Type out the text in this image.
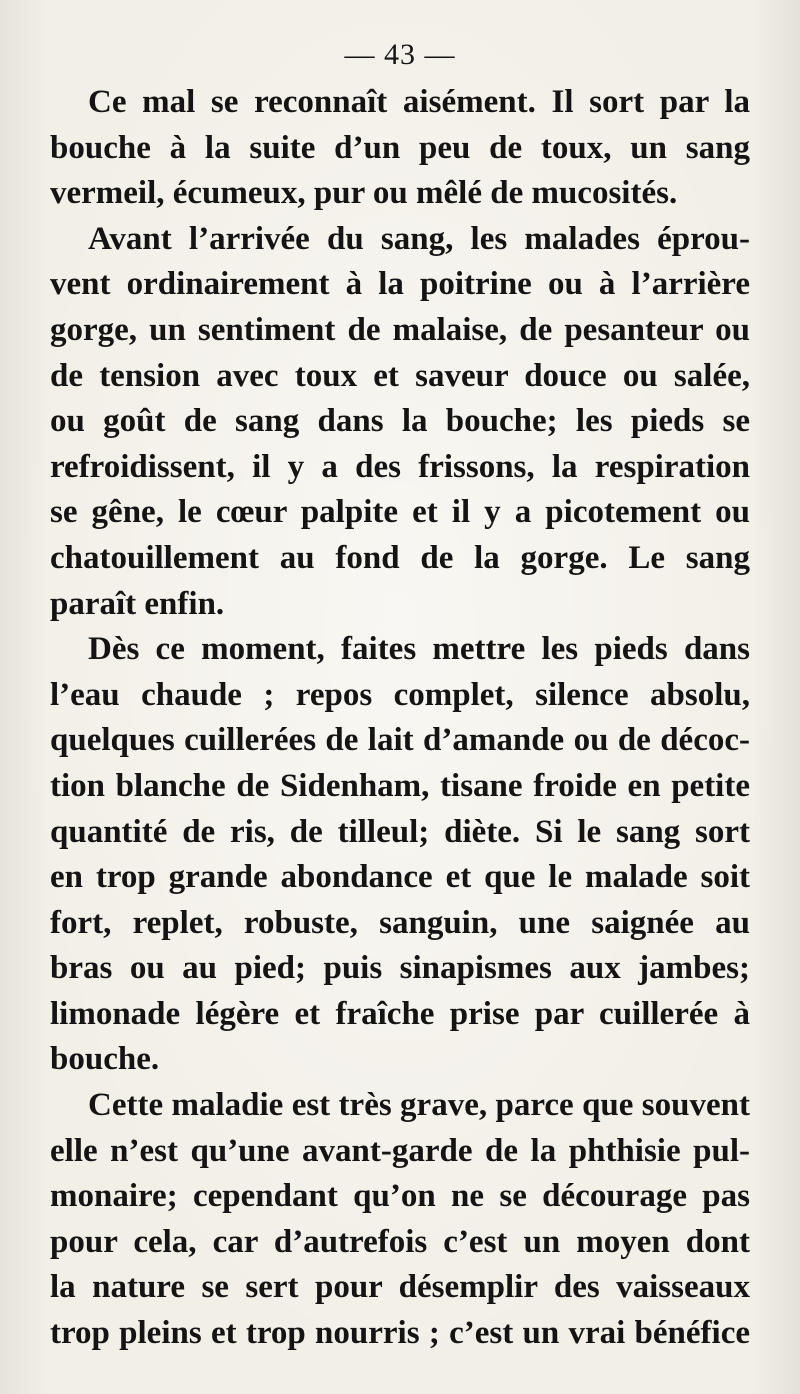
— 43 —
Ce mal se reconnaît aisément. Il sort par la
bouche à la suite d’un peu de toux, un sang
vermeil, écumeux, pur ou mêlé de mucosités.
Avant l’arrivée du sang, les malades éprou-
vent ordinairement à la poitrine ou à l’arrière
gorge, un sentiment de malaise, de pesanteur ou
de tension avec toux et saveur douce ou salée,
ou goût de sang dans la bouche; les pieds se
refroidissent, il y a des frissons, la respiration
se gêne, le cœur palpite et il y a picotement ou
chatouillement au fond de la gorge. Le sang
paraît enfin.
Dès ce moment, faites mettre les pieds dans
l’eau chaude ; repos complet, silence absolu,
quelques cuillerées de lait d’amande ou de décoc-
tion blanche de Sidenham, tisane froide en petite
quantité de ris, de tilleul; diète. Si le sang sort
en trop grande abondance et que le malade soit
fort, replet, robuste, sanguin, une saignée au
bras ou au pied; puis sinapismes aux jambes;
limonade légère et fraîche prise par cuillerée à
bouche.
Cette maladie est très grave, parce que souvent
elle n’est qu’une avant-garde de la phthisie pul-
monaire; cependant qu’on ne se décourage pas
pour cela, car d’autrefois c’est un moyen dont
la nature se sert pour désemplir des vaisseaux
trop pleins et trop nourris ; c’est un vrai bénéfice
